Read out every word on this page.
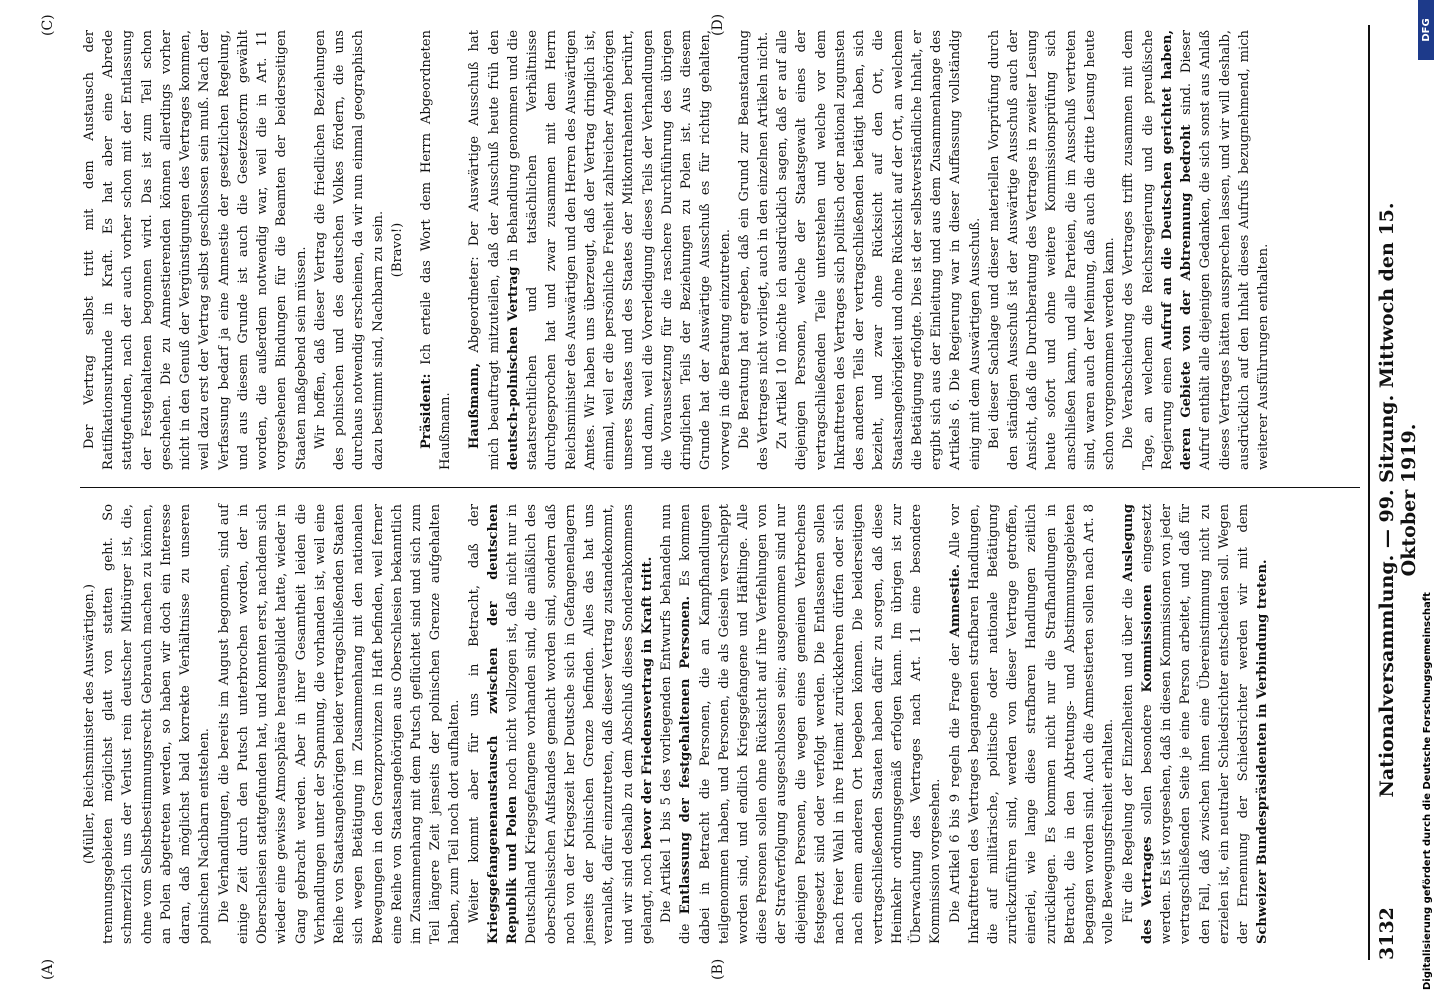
3132
Nationalversammlung. — 99. Sitzung. Mittwoch den 15. Oktober 1919.
(A)	(B)
(C)	(D)

(Müller, Reichsminister des Auswärtigen.) trennungsgebieten möglichst glatt von statten geht. So schmerzlich uns der Verlust rein deutscher Mitbürger ist, die, ohne vom Selbstbestimmungsrecht Gebrauch machen zu können, an Polen abgetreten werden, so haben wir doch ein Interesse daran, daß möglichst bald korrekte Verhältnisse zu unseren polnischen Nachbarn entstehen. Die Verhandlungen, die bereits im August begonnen, sind auf einige Zeit durch den Putsch unterbrochen worden, der in Oberschlesien stattgefunden hat, und konnten erst, nachdem sich wieder eine gewisse Atmosphäre herausgebildet hatte, wieder in Gang gebracht werden. Aber in ihrer Gesamtheit leiden die Verhandlungen unter der Spannung, die vorhanden ist, weil eine Reihe von Staatsangehörigen beider vertragschließenden Staaten sich wegen Betätigung im Zusammenhang mit den nationalen Bewegungen in den Grenzprovinzen in Haft befinden, weil ferner eine Reihe von Staatsangehörigen aus Oberschlesien bekanntlich im Zusammenhang mit dem Putsch geflüchtet sind und sich zum Teil längere Zeit jenseits der polnischen Grenze aufgehalten haben, zum Teil noch dort aufhalten. Weiter kommt aber für uns in Betracht, daß der Kriegsgefangenenaustausch zwischen der deutschen Republik und Polen noch nicht vollzogen ist, daß nicht nur in Deutschland Kriegsgefangene vorhanden sind, die anläßlich des oberschlesischen Aufstandes gemacht worden sind, sondern daß noch von der Kriegszeit her Deutsche sich in Gefangenenlagern jenseits der polnischen Grenze befinden. Alles das hat uns veranlaßt, dafür einzutreten, daß dieser Vertrag zustandekommt, und wir sind deshalb zu dem Abschluß dieses Sonderabkommens gelangt, noch bevor der Friedensvertrag in Kraft tritt. Die Artikel 1 bis 5 des vorliegenden Entwurfs behandeln nun die Entlassung der festgehaltenen Personen. Es kommen dabei in Betracht die Personen, die an Kampfhandlungen teilgenommen haben, und Personen, die als Geiseln verschleppt worden sind, und endlich Kriegsgefangene und Häftlinge. Alle diese Personen sollen ohne Rücksicht auf ihre Verfehlungen von der Strafverfolgung ausgeschlossen sein; ausgenommen sind nur diejenigen Personen, die wegen eines gemeinen Verbrechens festgesetzt sind oder verfolgt werden. Die Entlassenen sollen nach freier Wahl in ihre Heimat zurückkehren dürfen oder sich nach einem anderen Ort begeben können. Die beiderseitigen vertragschließenden Staaten haben dafür zu sorgen, daß diese Heimkehr ordnungsgemäß erfolgen kann. Im übrigen ist zur Überwachung des Vertrages nach Art. 11 eine besondere Kommission vorgesehen. Die Artikel 6 bis 9 regeln die Frage der Amnestie. Alle vor Inkrafttreten des Vertrages begangenen strafbaren Handlungen, die auf militärische, politische oder nationale Betätigung zurückzuführen sind, werden von dieser Vertrage getroffen, einerlei, wie lange diese strafbaren Handlungen zeitlich zurückliegen. Es kommen nicht nur die Strafhandlungen in Betracht, die in den Abtretungs- und Abstimmungsgebieten begangen worden sind. Auch die Amnestierten sollen nach Art. 8 volle Bewegungsfreiheit erhalten. Für die Regelung der Einzelheiten und über die Auslegung des Vertrages sollen besondere Kommissionen eingesetzt werden. Es ist vorgesehen, daß in diesen Kommissionen von jeder vertragschließenden Seite je eine Person arbeitet, und daß für den Fall, daß zwischen ihnen eine Übereinstimmung nicht zu erzielen ist, ein neutraler Schiedsrichter entscheiden soll. Wegen der Ernennung der Schiedsrichter werden wir mit dem Schweizer Bundespräsidenten in Verbindung treten.

Der Vertrag selbst tritt mit dem Austausch der Ratifikationsurkunde in Kraft. Es hat aber eine Abrede stattgefunden, nach der auch vorher schon mit der Entlassung der Festgehaltenen begonnen wird. Das ist zum Teil schon geschehen. Die zu Amnestierenden können allerdings vorher nicht in den Genuß der Vergünstigungen des Vertrages kommen, weil dazu erst der Vertrag selbst geschlossen sein muß. Nach der Verfassung bedarf ja eine Amnestie der gesetzlichen Regelung, und aus diesem Grunde ist auch die Gesetzesform gewählt worden, die außerdem notwendig war, weil die in Art. 11 vorgesehenen Bindungen für die Beamten der beiderseitigen Staaten maßgebend sein müssen. Wir hoffen, daß dieser Vertrag die friedlichen Beziehungen des polnischen und des deutschen Volkes fördern, die uns durchaus notwendig erscheinen, da wir nun einmal geographisch dazu bestimmt sind, Nachbarn zu sein. (Bravo!)

Präsident: Ich erteile das Wort dem Herrn Abgeordneten Haußmann. Haußmann, Abgeordneter: Der Auswärtige Ausschuß hat mich beauftragt mitzuteilen, daß der Ausschuß heute früh den deutsch-polnischen Vertrag in Behandlung genommen und die staatsrechtlichen und tatsächlichen Verhältnisse durchgesprochen hat und zwar zusammen mit dem Herrn Reichsminister des Auswärtigen und den Herren des Auswärtigen Amtes. Wir haben uns überzeugt, daß der Vertrag dringlich ist, einmal, weil er die persönliche Freiheit zahlreicher Angehörigen unseres Staates und des Staates der Mitkontrahenten berührt, und dann, weil die Vorerledigung dieses Teils der Verhandlungen die Voraussetzung für die raschere Durchführung des übrigen dringlichen Teils der Beziehungen zu Polen ist. Aus diesem Grunde hat der Auswärtige Ausschuß es für richtig gehalten, vorweg in die Beratung einzutreten. Die Beratung hat ergeben, daß ein Grund zur Beanstandung des Vertrages nicht vorliegt, auch in den einzelnen Artikeln nicht. Zu Artikel 10 möchte ich ausdrücklich sagen, daß er auf alle diejenigen Personen, welche der Staatsgewalt eines der vertragschließenden Teile unterstehen und welche vor dem Inkrafttreten des Vertrages sich politisch oder national zugunsten des anderen Teils der vertragschließenden betätigt haben, sich bezieht, und zwar ohne Rücksicht auf den Ort, die Staatsangehörigkeit und ohne Rücksicht auf der Ort, an welchem die Betätigung erfolgte. Dies ist der selbstverständliche Inhalt, er ergibt sich aus der Einleitung und aus dem Zusammenhange des Artikels 6. Die Regierung war in dieser Auffassung vollständig einig mit dem Auswärtigen Ausschuß. Bei dieser Sachlage und dieser materiellen Vorprüfung durch den ständigen Ausschuß ist der Auswärtige Ausschuß auch der Ansicht, daß die Durchberatung des Vertrages in zweiter Lesung heute sofort und ohne weitere Kommissionsprüfung sich anschließen kann, und alle Parteien, die im Ausschuß vertreten sind, waren auch der Meinung, daß auch die dritte Lesung heute schon vorgenommen werden kann. Die Verabschiedung des Vertrages trifft zusammen mit dem Tage, an welchem die Reichsregierung und die preußische Regierung einen Aufruf an die Deutschen gerichtet haben, deren Gebiete von der Abtrennung bedroht sind. Dieser Aufruf enthält alle diejenigen Gedanken, die sich sonst aus Anlaß dieses Vertrages hätten aussprechen lassen, und wir will deshalb, ausdrücklich auf den Inhalt dieses Aufrufs bezugnehmend, mich weiterer Ausführungen enthalten.

Digitalisierung gefördert durch die Deutsche Forschungsgemeinschaft
DFG
